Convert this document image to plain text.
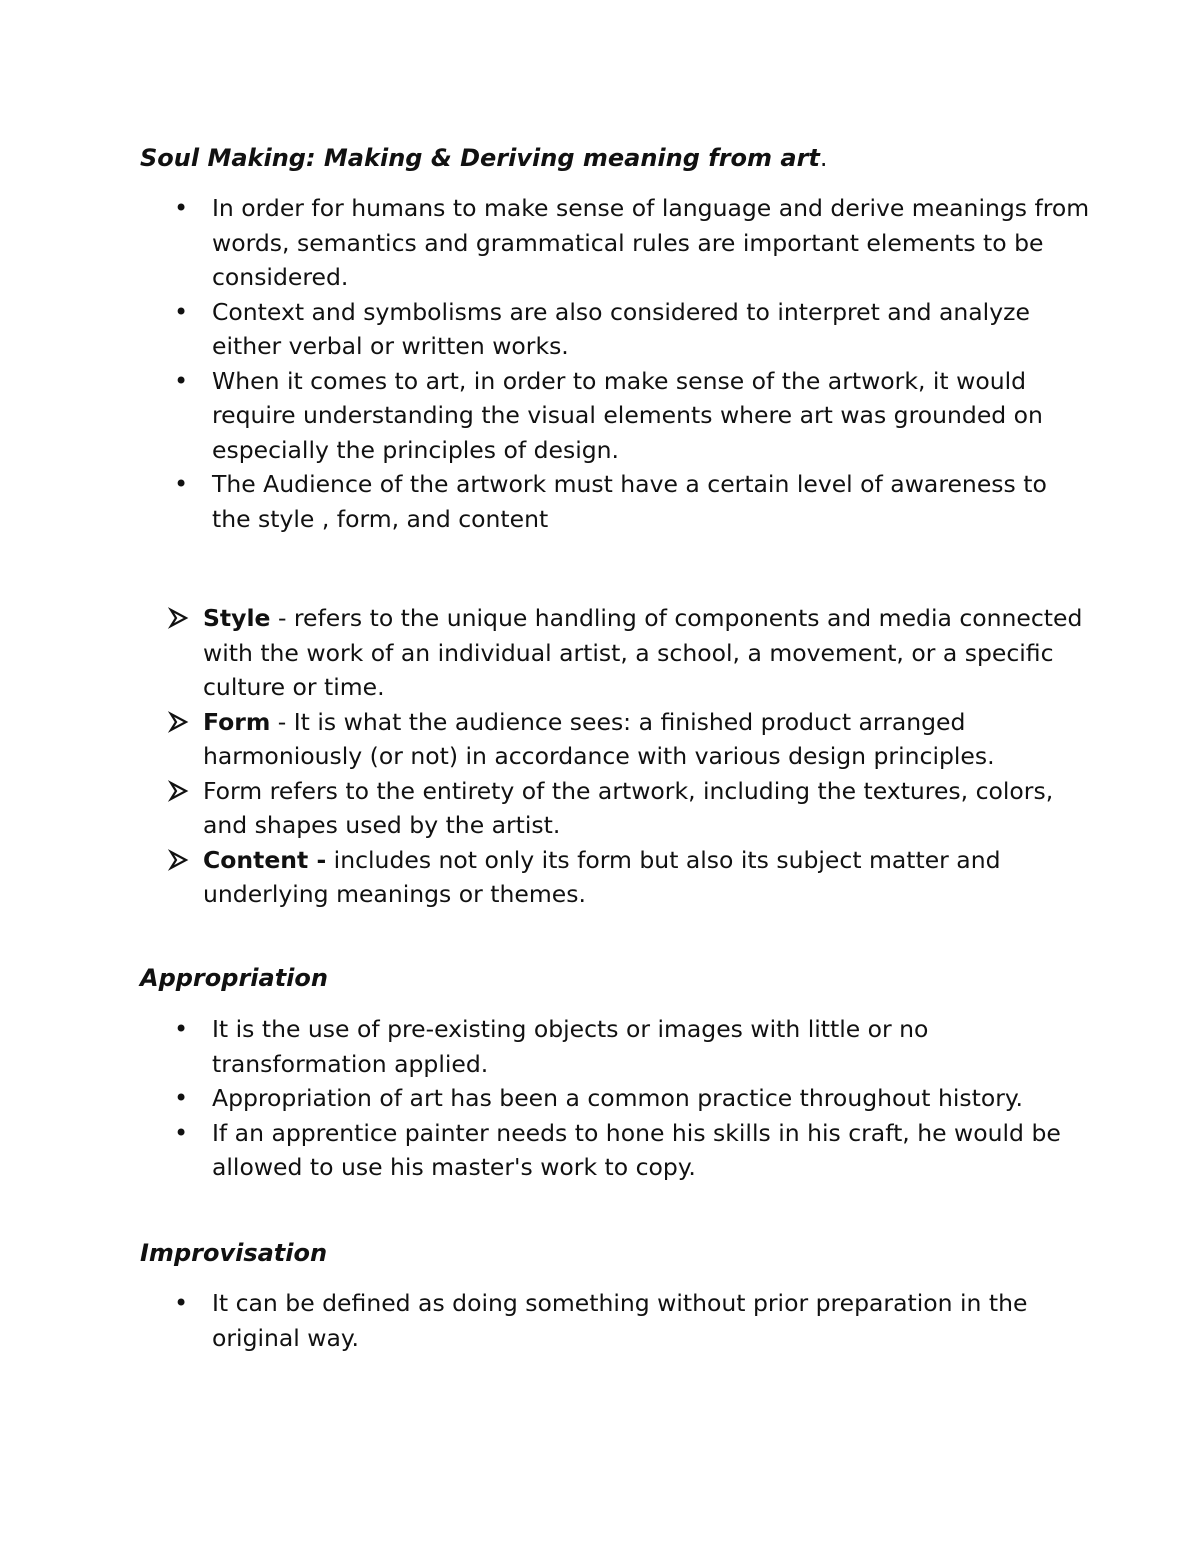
Soul Making: Making & Deriving meaning from art.
• In order for humans to make sense of language and derive meanings from words, semantics and grammatical rules are important elements to be considered.
• Context and symbolisms are also considered to interpret and analyze either verbal or written works.
• When it comes to art, in order to make sense of the artwork, it would require understanding the visual elements where art was grounded on especially the principles of design.
• The Audience of the artwork must have a certain level of awareness to the style , form, and content
Style - refers to the unique handling of components and media connected with the work of an individual artist, a school, a movement, or a specific culture or time.
Form - It is what the audience sees: a finished product arranged harmoniously (or not) in accordance with various design principles.
Form refers to the entirety of the artwork, including the textures, colors, and shapes used by the artist.
Content - includes not only its form but also its subject matter and underlying meanings or themes.
Appropriation
• It is the use of pre-existing objects or images with little or no transformation applied.
• Appropriation of art has been a common practice throughout history.
• If an apprentice painter needs to hone his skills in his craft, he would be allowed to use his master's work to copy.
Improvisation
• It can be defined as doing something without prior preparation in the original way.
